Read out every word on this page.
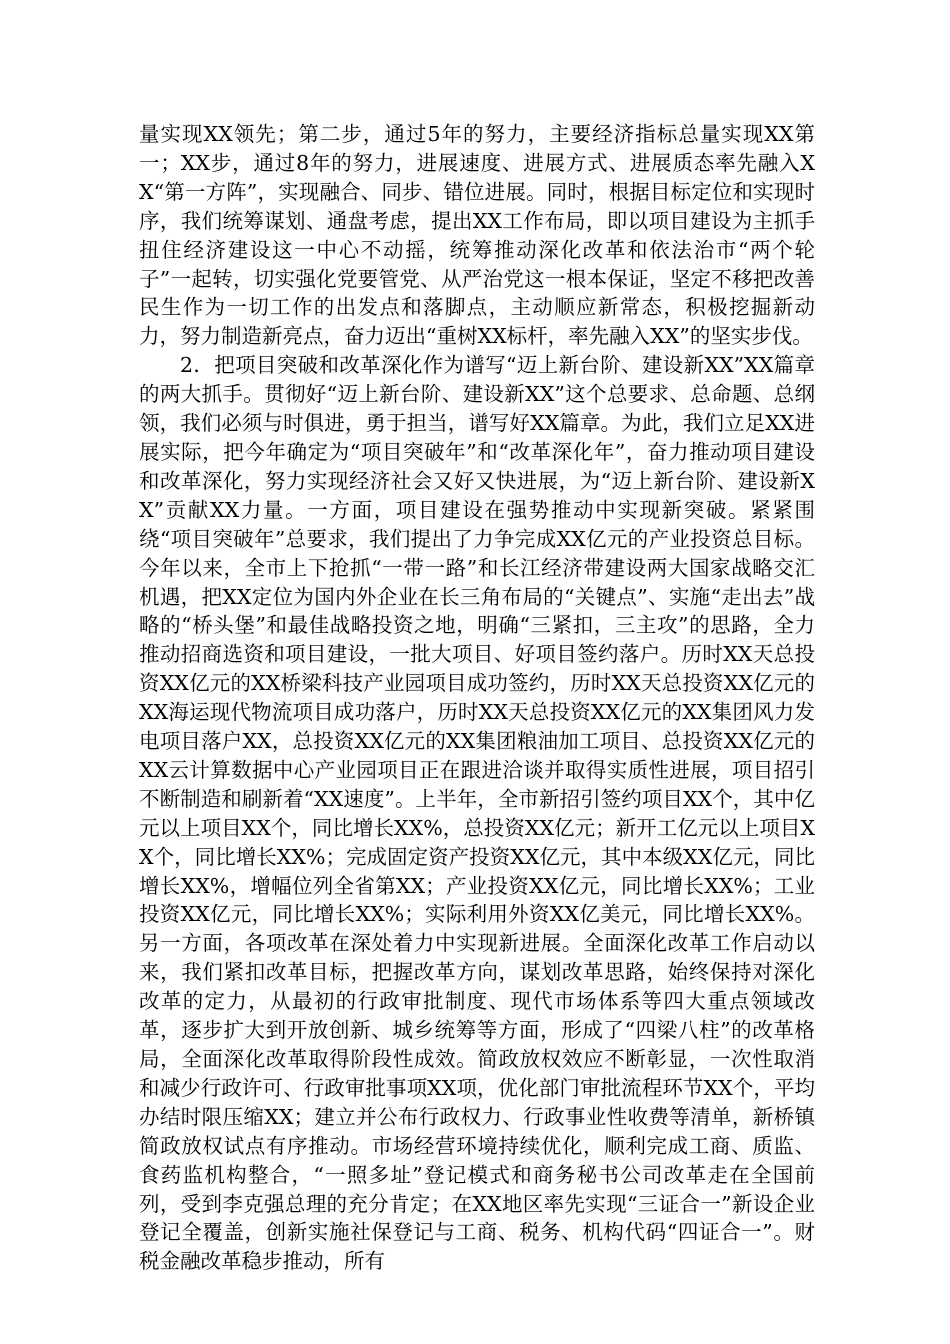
量实现XX领先；第二步，通过5年的努力，主要经济指标总量实现XX第一；XX步，通过8年的努力，进展速度、进展方式、进展质态率先融入XX“第一方阵”，实现融合、同步、错位进展。同时，根据目标定位和实现时序，我们统筹谋划、通盘考虑，提出XX工作布局，即以项目建设为主抓手扭住经济建设这一中心不动摇，统筹推动深化改革和依法治市“两个轮子”一起转，切实强化党要管党、从严治党这一根本保证，坚定不移把改善民生作为一切工作的出发点和落脚点，主动顺应新常态，积极挖掘新动力，努力制造新亮点，奋力迈出“重树XX标杆，率先融入XX”的坚实步伐。

2．把项目突破和改革深化作为谱写“迈上新台阶、建设新XX”XX篇章的两大抓手。贯彻好“迈上新台阶、建设新XX”这个总要求、总命题、总纲领，我们必须与时俱进，勇于担当，谱写好XX篇章。为此，我们立足XX进展实际，把今年确定为“项目突破年”和“改革深化年”，奋力推动项目建设和改革深化，努力实现经济社会又好又快进展，为“迈上新台阶、建设新XX”贡献XX力量。一方面，项目建设在强势推动中实现新突破。紧紧围绕“项目突破年”总要求，我们提出了力争完成XX亿元的产业投资总目标。今年以来，全市上下抢抓“一带一路”和长江经济带建设两大国家战略交汇机遇，把XX定位为国内外企业在长三角布局的“关键点”、实施“走出去”战略的“桥头堡”和最佳战略投资之地，明确“三紧扣，三主攻”的思路，全力推动招商选资和项目建设，一批大项目、好项目签约落户。历时XX天总投资XX亿元的XX桥梁科技产业园项目成功签约，历时XX天总投资XX亿元的XX海运现代物流项目成功落户，历时XX天总投资XX亿元的XX集团风力发电项目落户XX，总投资XX亿元的XX集团粮油加工项目、总投资XX亿元的XX云计算数据中心产业园项目正在跟进洽谈并取得实质性进展，项目招引不断制造和刷新着“XX速度”。上半年，全市新招引签约项目XX个，其中亿元以上项目XX个，同比增长XX%，总投资XX亿元；新开工亿元以上项目XX个，同比增长XX%；完成固定资产投资XX亿元，其中本级XX亿元，同比增长XX%，增幅位列全省第XX；产业投资XX亿元，同比增长XX%；工业投资XX亿元，同比增长XX%；实际利用外资XX亿美元，同比增长XX%。另一方面，各项改革在深处着力中实现新进展。全面深化改革工作启动以来，我们紧扣改革目标，把握改革方向，谋划改革思路，始终保持对深化改革的定力，从最初的行政审批制度、现代市场体系等四大重点领域改革，逐步扩大到开放创新、城乡统筹等方面，形成了“四梁八柱”的改革格局，全面深化改革取得阶段性成效。简政放权效应不断彰显，一次性取消和减少行政许可、行政审批事项XX项，优化部门审批流程环节XX个，平均办结时限压缩XX；建立并公布行政权力、行政事业性收费等清单，新桥镇简政放权试点有序推动。市场经营环境持续优化，顺利完成工商、质监、食药监机构整合，“一照多址”登记模式和商务秘书公司改革走在全国前列，受到李克强总理的充分肯定；在XX地区率先实现“三证合一”新设企业登记全覆盖，创新实施社保登记与工商、税务、机构代码“四证合一”。财税金融改革稳步推动，所有
